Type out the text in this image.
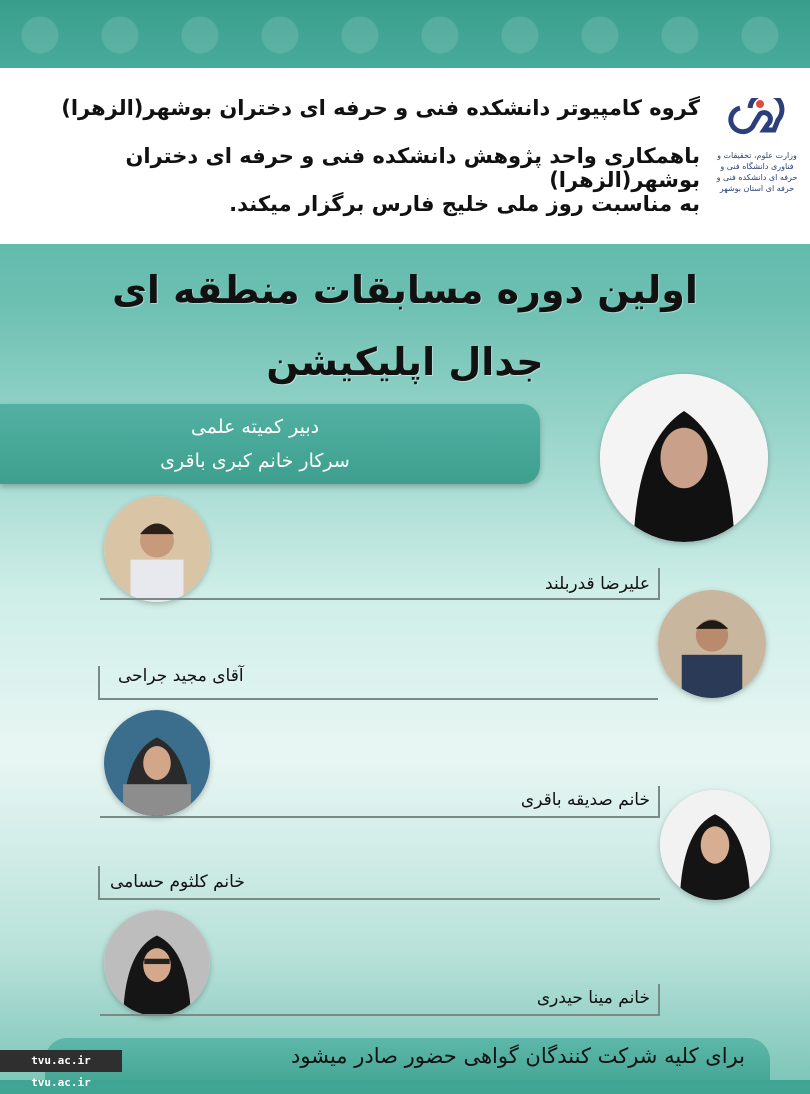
گروه کامپیوتر دانشکده فنی و حرفه ای دختران بوشهر(الزهرا)
باهمکاری واحد پژوهش دانشکده فنی و حرفه ای دختران بوشهر(الزهرا)
به مناسبت روز ملی خلیج فارس برگزار میکند.
وزارت علوم، تحقیقات و فناوری دانشگاه فنی و حرفه ای دانشکده فنی و حرفه ای استان بوشهر
اولین دوره مسابقات منطقه ای
جدال اپلیکیشن
دبیر کمیته علمی
سرکار خانم کبری باقری
علیرضا قدربلند
آقای مجید جراحی
خانم صدیقه باقری
خانم کلثوم حسامی
خانم مینا حیدری
برای کلیه شرکت کنندگان گواهی حضور صادر میشود
tvu.ac.ir tvu.ac.ir
